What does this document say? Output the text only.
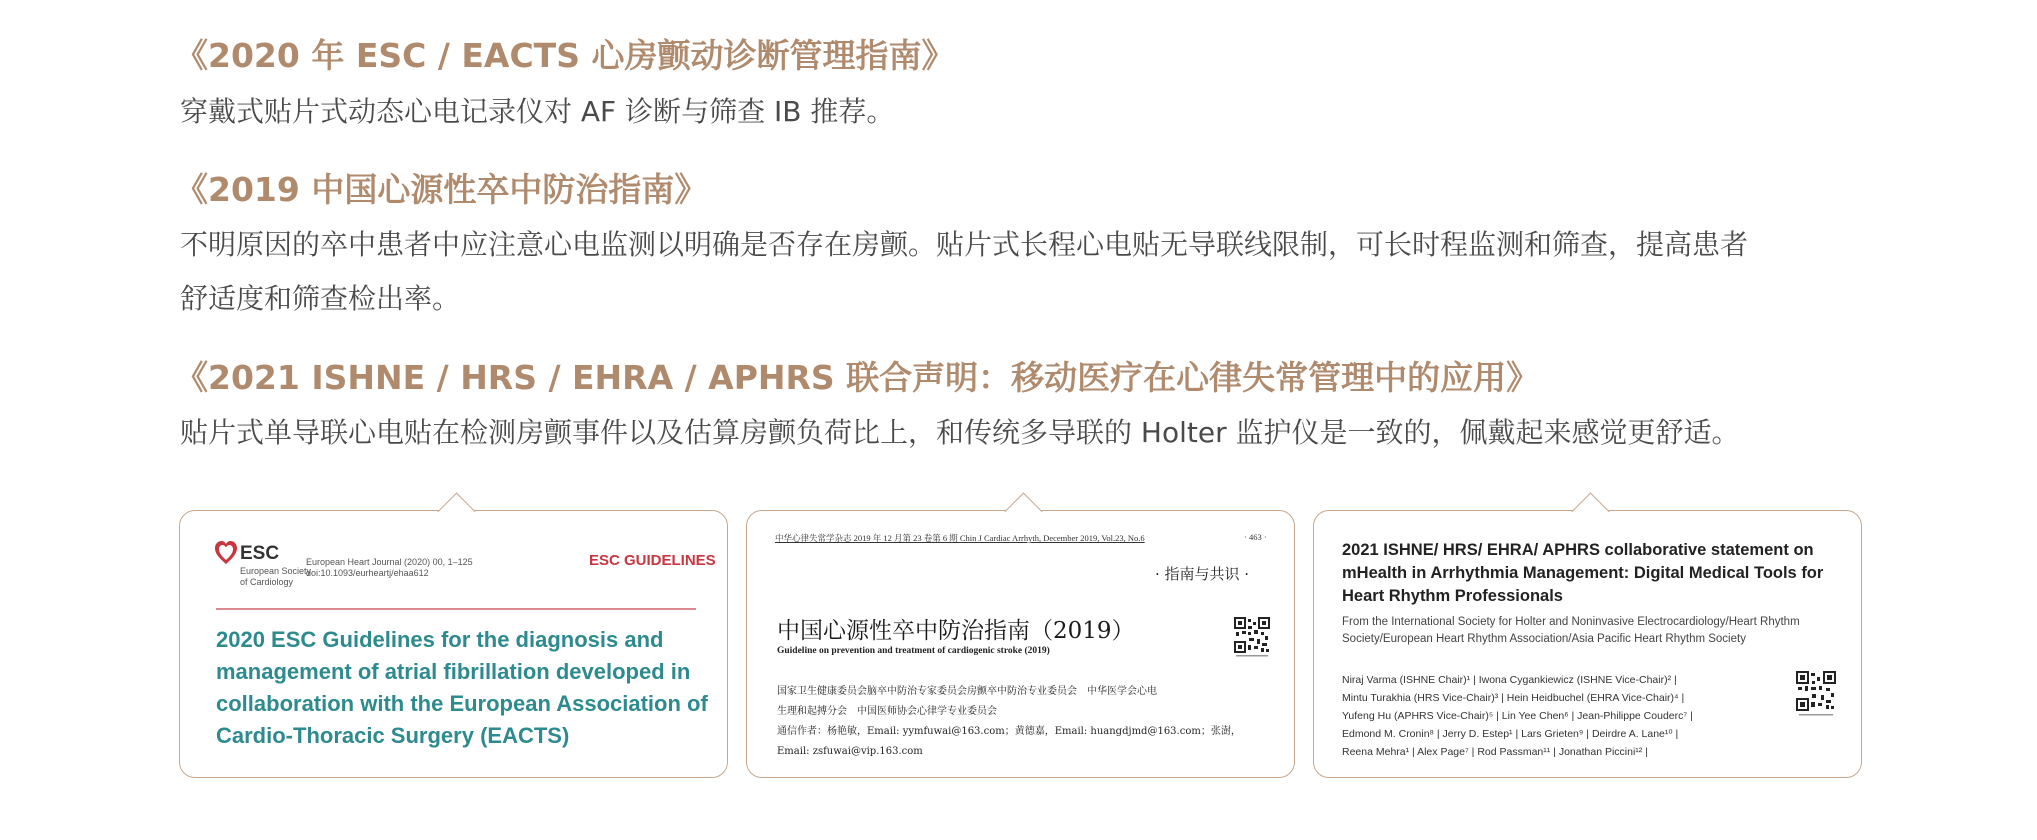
《2020 年 ESC / EACTS 心房颤动诊断管理指南》
穿戴式贴片式动态心电记录仪对 AF 诊断与筛查 IB 推荐。
《2019 中国心源性卒中防治指南》
不明原因的卒中患者中应注意心电监测以明确是否存在房颤。贴片式长程心电贴无导联线限制，可长时程监测和筛查，提高患者
舒适度和筛查检出率。
《2021 ISHNE / HRS / EHRA / APHRS 联合声明：移动医疗在心律失常管理中的应用》
贴片式单导联心电贴在检测房颤事件以及估算房颤负荷比上，和传统多导联的 Holter 监护仪是一致的，佩戴起来感觉更舒适。
ESC
European Society
of Cardiology
European Heart Journal (2020) 00, 1–125
doi:10.1093/eurheartj/ehaa612
ESC GUIDELINES
2020 ESC Guidelines for the diagnosis and management of atrial fibrillation developed in collaboration with the European Association of Cardio-Thoracic Surgery (EACTS)
中华心律失常学杂志 2019 年 12 月第 23 卷第 6 期 Chin J Cardiac Arrhyth, December 2019, Vol.23, No.6	· 463 ·
· 指南与共识 ·
中国心源性卒中防治指南（2019）
Guideline on prevention and treatment of cardiogenic stroke (2019)
国家卫生健康委员会脑卒中防治专家委员会房颤卒中防治专业委员会　中华医学会心电
生理和起搏分会　中国医师协会心律学专业委员会
通信作者：杨艳敏，Email: yymfuwai@163.com；黄德嘉，Email: huangdjmd@163.com；张澍，
Email: zsfuwai@vip.163.com
2021 ISHNE/ HRS/ EHRA/ APHRS collaborative statement on mHealth in Arrhythmia Management: Digital Medical Tools for Heart Rhythm Professionals
From the International Society for Holter and Noninvasive Electrocardiology/Heart Rhythm Society/European Heart Rhythm Association/Asia Pacific Heart Rhythm Society
Niraj Varma (ISHNE Chair)¹ | Iwona Cygankiewicz (ISHNE Vice-Chair)² |
Mintu Turakhia (HRS Vice-Chair)³ | Hein Heidbuchel (EHRA Vice-Chair)⁴ |
Yufeng Hu (APHRS Vice-Chair)⁵ | Lin Yee Chen⁶ | Jean-Philippe Couderc⁷ |
Edmond M. Cronin⁸ | Jerry D. Estep¹ | Lars Grieten⁹ | Deirdre A. Lane¹⁰ |
Reena Mehra¹ | Alex Page⁷ | Rod Passman¹¹ | Jonathan Piccini¹² |
